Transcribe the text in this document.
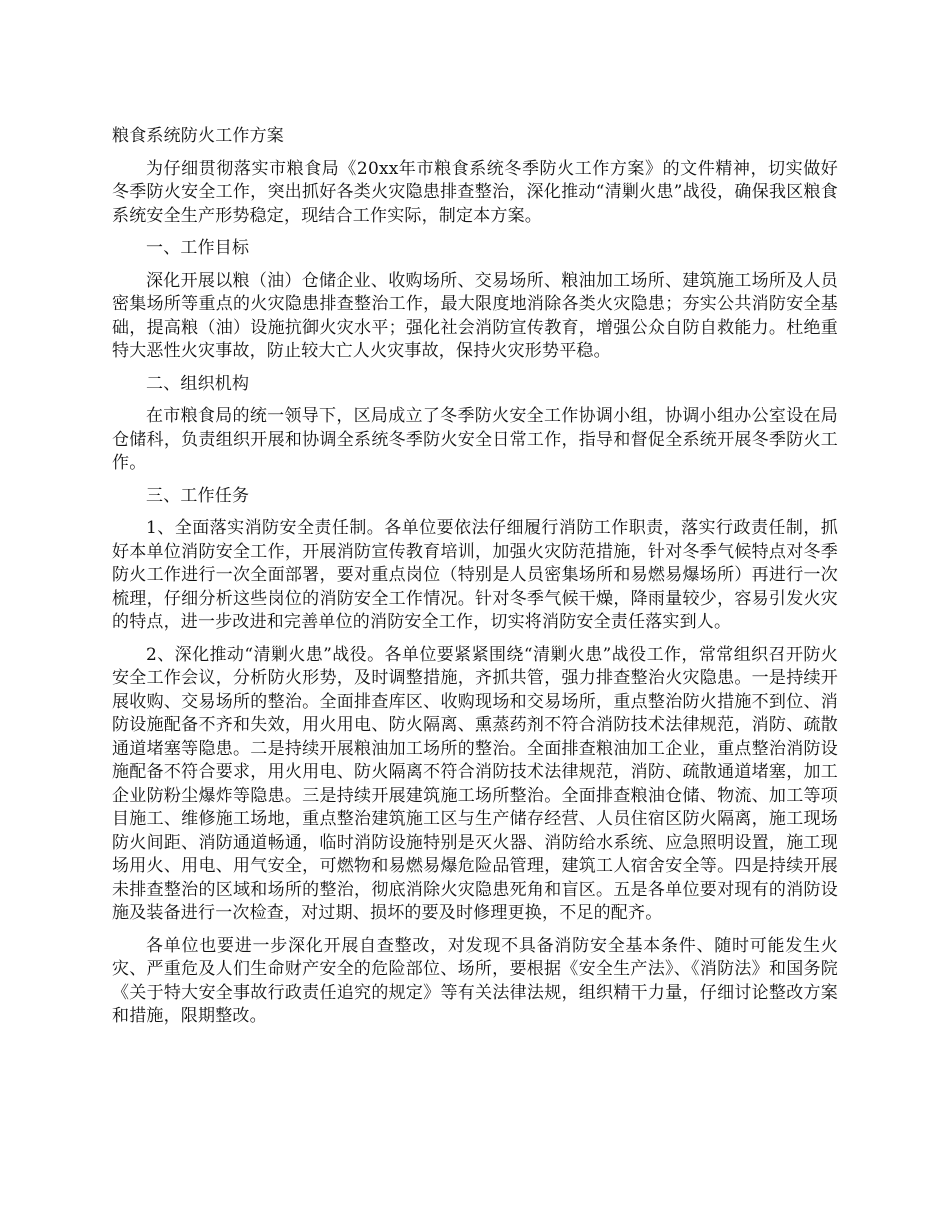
粮食系统防火工作方案

为仔细贯彻落实市粮食局《20xx年市粮食系统冬季防火工作方案》的文件精神，切实做好冬季防火安全工作，突出抓好各类火灾隐患排查整治，深化推动“清剿火患”战役，确保我区粮食系统安全生产形势稳定，现结合工作实际，制定本方案。

一、工作目标

深化开展以粮（油）仓储企业、收购场所、交易场所、粮油加工场所、建筑施工场所及人员密集场所等重点的火灾隐患排查整治工作，最大限度地消除各类火灾隐患；夯实公共消防安全基础，提高粮（油）设施抗御火灾水平；强化社会消防宣传教育，增强公众自防自救能力。杜绝重特大恶性火灾事故，防止较大亡人火灾事故，保持火灾形势平稳。

二、组织机构

在市粮食局的统一领导下，区局成立了冬季防火安全工作协调小组，协调小组办公室设在局仓储科，负责组织开展和协调全系统冬季防火安全日常工作，指导和督促全系统开展冬季防火工作。

三、工作任务

1、全面落实消防安全责任制。各单位要依法仔细履行消防工作职责，落实行政责任制，抓好本单位消防安全工作，开展消防宣传教育培训，加强火灾防范措施，针对冬季气候特点对冬季防火工作进行一次全面部署，要对重点岗位（特别是人员密集场所和易燃易爆场所）再进行一次梳理，仔细分析这些岗位的消防安全工作情况。针对冬季气候干燥，降雨量较少，容易引发火灾的特点，进一步改进和完善单位的消防安全工作，切实将消防安全责任落实到人。

2、深化推动“清剿火患”战役。各单位要紧紧围绕“清剿火患”战役工作，常常组织召开防火安全工作会议，分析防火形势，及时调整措施，齐抓共管，强力排查整治火灾隐患。一是持续开展收购、交易场所的整治。全面排查库区、收购现场和交易场所，重点整治防火措施不到位、消防设施配备不齐和失效，用火用电、防火隔离、熏蒸药剂不符合消防技术法律规范，消防、疏散通道堵塞等隐患。二是持续开展粮油加工场所的整治。全面排查粮油加工企业，重点整治消防设施配备不符合要求，用火用电、防火隔离不符合消防技术法律规范，消防、疏散通道堵塞，加工企业防粉尘爆炸等隐患。三是持续开展建筑施工场所整治。全面排查粮油仓储、物流、加工等项目施工、维修施工场地，重点整治建筑施工区与生产储存经营、人员住宿区防火隔离，施工现场防火间距、消防通道畅通，临时消防设施特别是灭火器、消防给水系统、应急照明设置，施工现场用火、用电、用气安全，可燃物和易燃易爆危险品管理，建筑工人宿舍安全等。四是持续开展未排查整治的区域和场所的整治，彻底消除火灾隐患死角和盲区。五是各单位要对现有的消防设施及装备进行一次检查，对过期、损坏的要及时修理更换，不足的配齐。

各单位也要进一步深化开展自查整改，对发现不具备消防安全基本条件、随时可能发生火灾、严重危及人们生命财产安全的危险部位、场所，要根据《安全生产法》、《消防法》和国务院《关于特大安全事故行政责任追究的规定》等有关法律法规，组织精干力量，仔细讨论整改方案和措施，限期整改。
